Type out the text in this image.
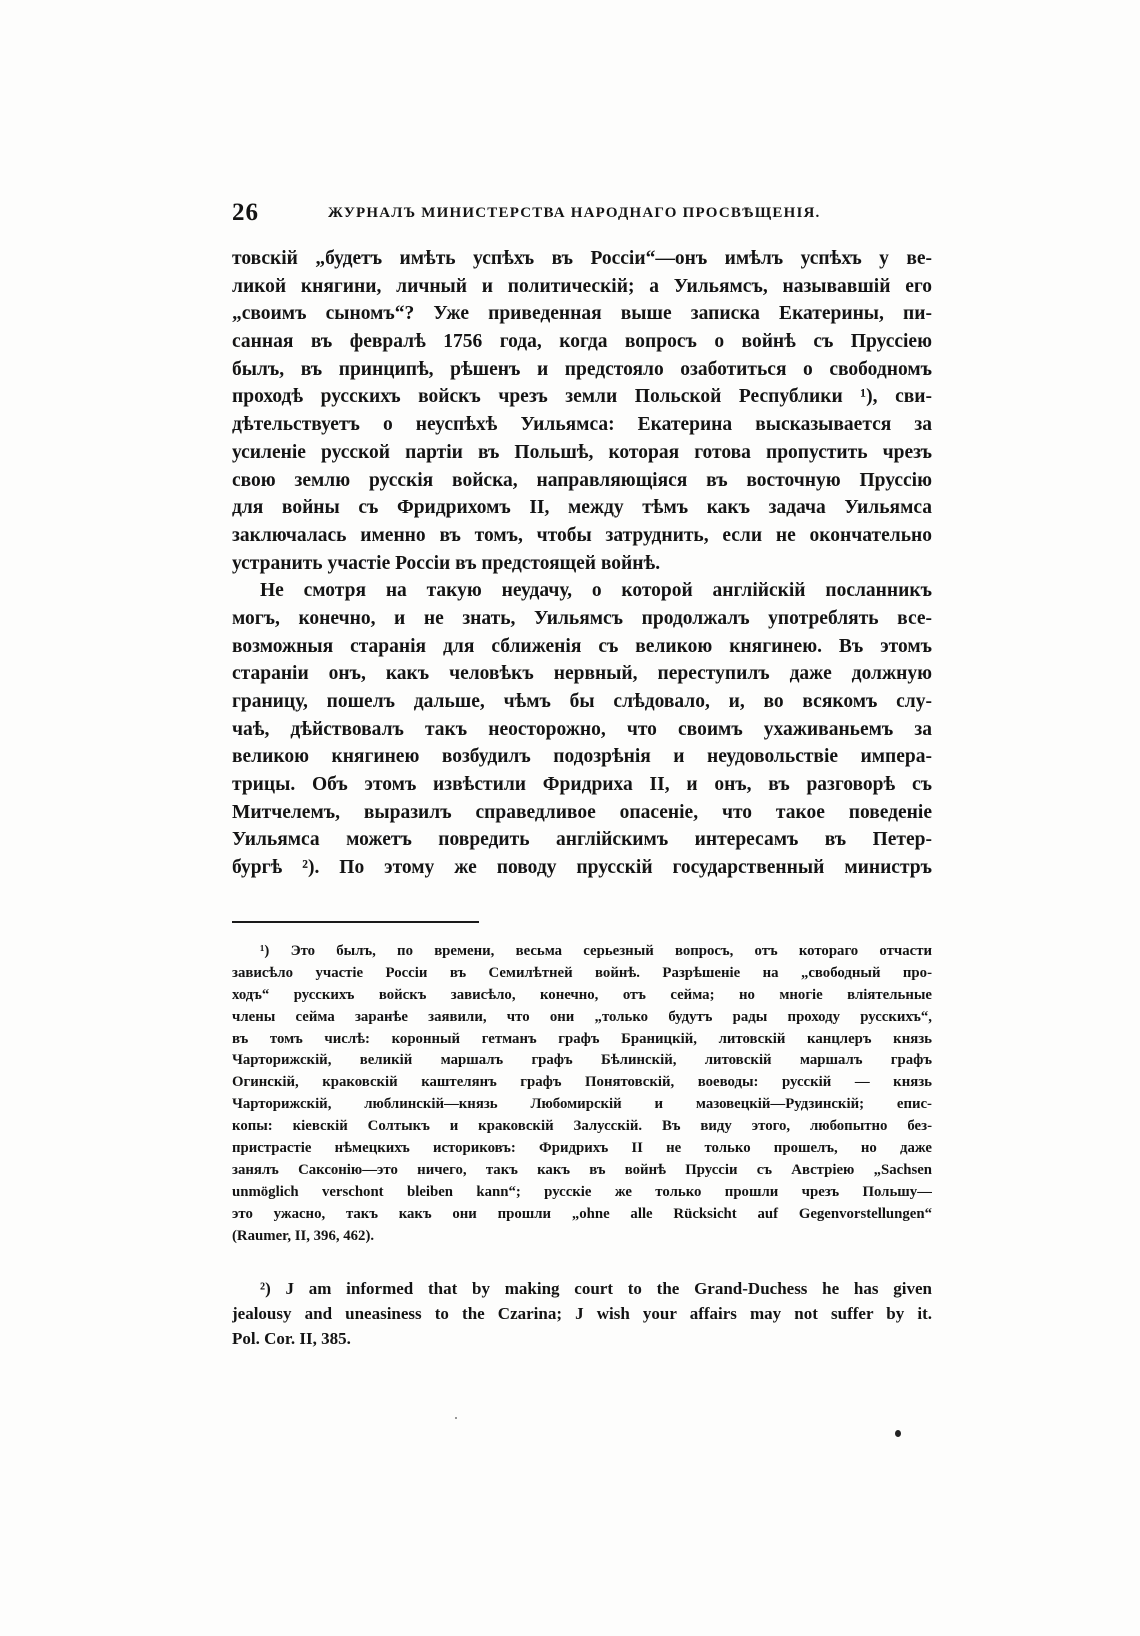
26	ЖУРНАЛЪ МИНИСТЕРСТВА НАРОДНАГО ПРОСВѢЩЕНІЯ.
товскій „будетъ имѣть успѣхъ въ Россіи“—онъ имѣлъ успѣхъ у ве-
ликой княгини, личный и политическій; а Уильямсъ, называвшій его
„своимъ сыномъ“? Уже приведенная выше записка Екатерины, пи-
санная въ февралѣ 1756 года, когда вопросъ о войнѣ съ Пруссіею
былъ, въ принципѣ, рѣшенъ и предстояло озаботиться о свободномъ
проходѣ русскихъ войскъ чрезъ земли Польской Республики ¹), сви-
дѣтельствуетъ о неуспѣхѣ Уильямса: Екатерина высказывается за
усиленіе русской партіи въ Польшѣ, которая готова пропустить чрезъ
свою землю русскія войска, направляющіяся въ восточную Пруссію
для войны съ Фридрихомъ II, между тѣмъ какъ задача Уильямса
заключалась именно въ томъ, чтобы затруднить, если не окончательно
устранить участіе Россіи въ предстоящей войнѣ.
Не смотря на такую неудачу, о которой англійскій посланникъ
могъ, конечно, и не знать, Уильямсъ продолжалъ употреблять все-
возможныя старанія для сближенія съ великою княгинею. Въ этомъ
стараніи онъ, какъ человѣкъ нервный, переступилъ даже должную
границу, пошелъ дальше, чѣмъ бы слѣдовало, и, во всякомъ слу-
чаѣ, дѣйствовалъ такъ неосторожно, что своимъ ухаживаньемъ за
великою княгинею возбудилъ подозрѣнія и неудовольствіе импера-
трицы. Объ этомъ извѣстили Фридриха II, и онъ, въ разговорѣ съ
Митчелемъ, выразилъ справедливое опасеніе, что такое поведеніе
Уильямса можетъ повредить англійскимъ интересамъ въ Петер-
бургѣ ²). По этому же поводу прусскій государственный министръ
¹) Это былъ, по времени, весьма серьезный вопросъ, отъ котораго отчасти
зависѣло участіе Россіи въ Семилѣтней войнѣ. Разрѣшеніе на „свободный про-
ходъ“ русскихъ войскъ зависѣло, конечно, отъ сейма; но многіе вліятельные
члены сейма заранѣе заявили, что они „только будутъ рады проходу русскихъ“,
въ томъ числѣ: коронный гетманъ графъ Браницкій, литовскій канцлеръ князь
Чарторижскій, великій маршалъ графъ Бѣлинскій, литовскій маршалъ графъ
Огинскій, краковскій каштелянъ графъ Понятовскій, воеводы: русскій — князь
Чарторижскій, люблинскій—князь Любомирскій и мазовецкій—Рудзинскій; епис-
копы: кіевскій Солтыкъ и краковскій Залусскій. Въ виду этого, любопытно без-
пристрастіе нѣмецкихъ историковъ: Фридрихъ II не только прошелъ, но даже
занялъ Саксонію—это ничего, такъ какъ въ войнѣ Пруссіи съ Австріею „Sachsen
unmöglich verschont bleiben kann“; русскіе же только прошли чрезъ Польшу—
это ужасно, такъ какъ они прошли „ohne alle Rücksicht auf Gegenvorstellungen“
(Raumer, II, 396, 462).
²) J am informed that by making court to the Grand-Duchess he has given
jealousy and uneasiness to the Czarina; J wish your affairs may not suffer by it.
Pol. Cor. II, 385.
